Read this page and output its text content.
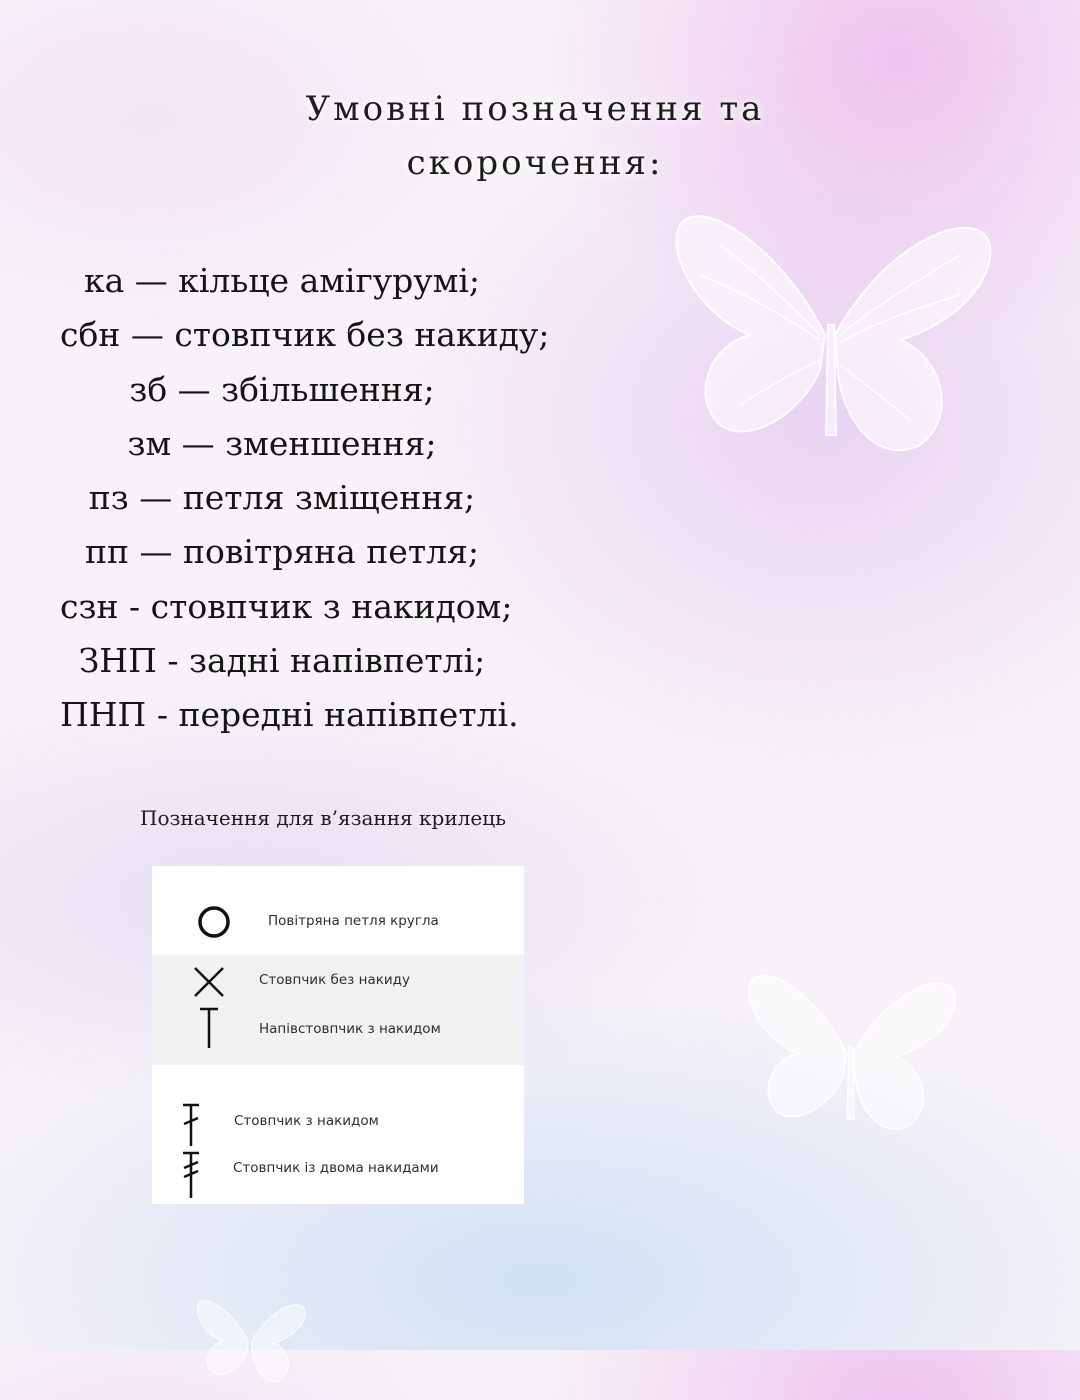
Умовні позначення та
скорочення:
ка — кільце амігурумі;
сбн — стовпчик без накиду;
зб — збільшення;
зм — зменшення;
пз — петля зміщення;
пп — повітряна петля;
сзн - стовпчик з накидом;
ЗНП - задні напівпетлі;
ПНП - передні напівпетлі.
Позначення для в’язання крилець
Повітряна петля кругла
Стовпчик без накиду
Напівстовпчик з накидом
Стовпчик з накидом
Стовпчик із двома накидами
